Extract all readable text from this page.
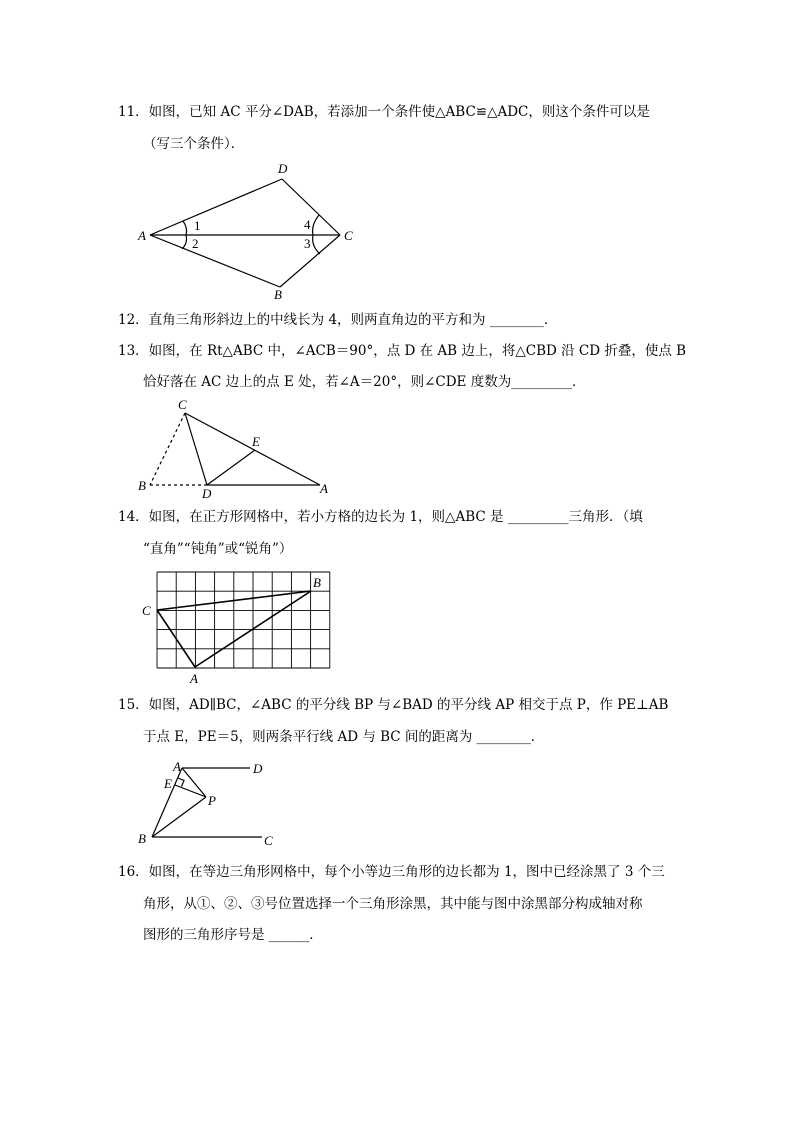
11．如图，已知 AC 平分∠DAB，若添加一个条件使△ABC≌△ADC，则这个条件可以是
（写三个条件）．
A
D
C
B
1
2
4
3
12．直角三角形斜边上的中线长为 4，则两直角边的平方和为 ________．
13．如图，在 Rt△ABC 中，∠ACB＝90°，点 D 在 AB 边上，将△CBD 沿 CD 折叠，使点 B
恰好落在 AC 边上的点 E 处，若∠A＝20°，则∠CDE 度数为_________．
C
E
B
D	A
14．如图，在正方形网格中，若小方格的边长为 1，则△ABC 是 _________三角形．（填
“直角”“钝角”或“锐角”）
C
B
A
15．如图，AD∥BC，∠ABC 的平分线 BP 与∠BAD 的平分线 AP 相交于点 P，作 PE⊥AB
于点 E，PE＝5，则两条平行线 AD 与 BC 间的距离为 ________．
A	D
E
P
B	C
16．如图，在等边三角形网格中，每个小等边三角形的边长都为 1，图中已经涂黑了 3 个三
角形，从①、②、③号位置选择一个三角形涂黑，其中能与图中涂黑部分构成轴对称
图形的三角形序号是 ______．
